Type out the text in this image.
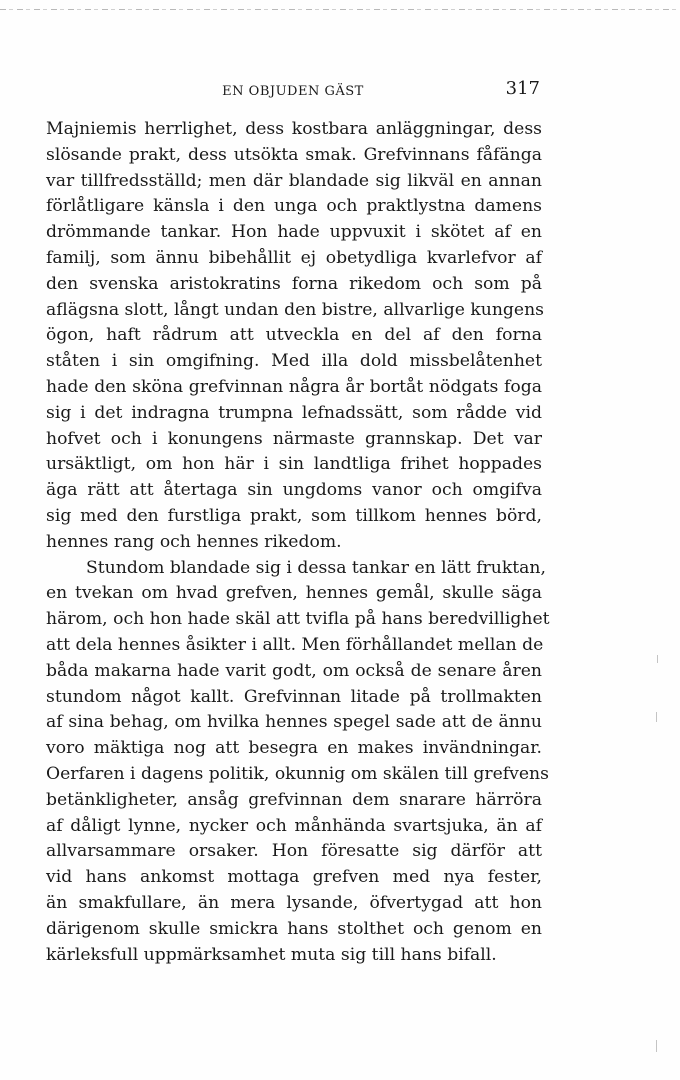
EN OBJUDEN GÄST	317
Majniemis herrlighet, dess kostbara anläggningar, dess
slösande prakt, dess utsökta smak. Grefvinnans fåfänga
var tillfredsställd; men där blandade sig likväl en annan
förlåtligare känsla i den unga och praktlystna damens
drömmande tankar. Hon hade uppvuxit i skötet af en
familj, som ännu bibehållit ej obetydliga kvarlefvor af
den svenska aristokratins forna rikedom och som på
aflägsna slott, långt undan den bistre, allvarlige kungens
ögon, haft rådrum att utveckla en del af den forna
ståten i sin omgifning. Med illa dold missbelåtenhet
hade den sköna grefvinnan några år bortåt nödgats foga
sig i det indragna trumpna lefnadssätt, som rådde vid
hofvet och i konungens närmaste grannskap. Det var
ursäktligt, om hon här i sin landtliga frihet hoppades
äga rätt att återtaga sin ungdoms vanor och omgifva
sig med den furstliga prakt, som tillkom hennes börd,
hennes rang och hennes rikedom.
Stundom blandade sig i dessa tankar en lätt fruktan,
en tvekan om hvad grefven, hennes gemål, skulle säga
härom, och hon hade skäl att tvifla på hans beredvillighet
att dela hennes åsikter i allt. Men förhållandet mellan de
båda makarna hade varit godt, om också de senare åren
stundom något kallt. Grefvinnan litade på trollmakten
af sina behag, om hvilka hennes spegel sade att de ännu
voro mäktiga nog att besegra en makes invändningar.
Oerfaren i dagens politik, okunnig om skälen till grefvens
betänkligheter, ansåg grefvinnan dem snarare härröra
af dåligt lynne, nycker och månhända svartsjuka, än af
allvarsammare orsaker. Hon föresatte sig därför att
vid hans ankomst mottaga grefven med nya fester,
än smakfullare, än mera lysande, öfvertygad att hon
därigenom skulle smickra hans stolthet och genom en
kärleksfull uppmärksamhet muta sig till hans bifall.
